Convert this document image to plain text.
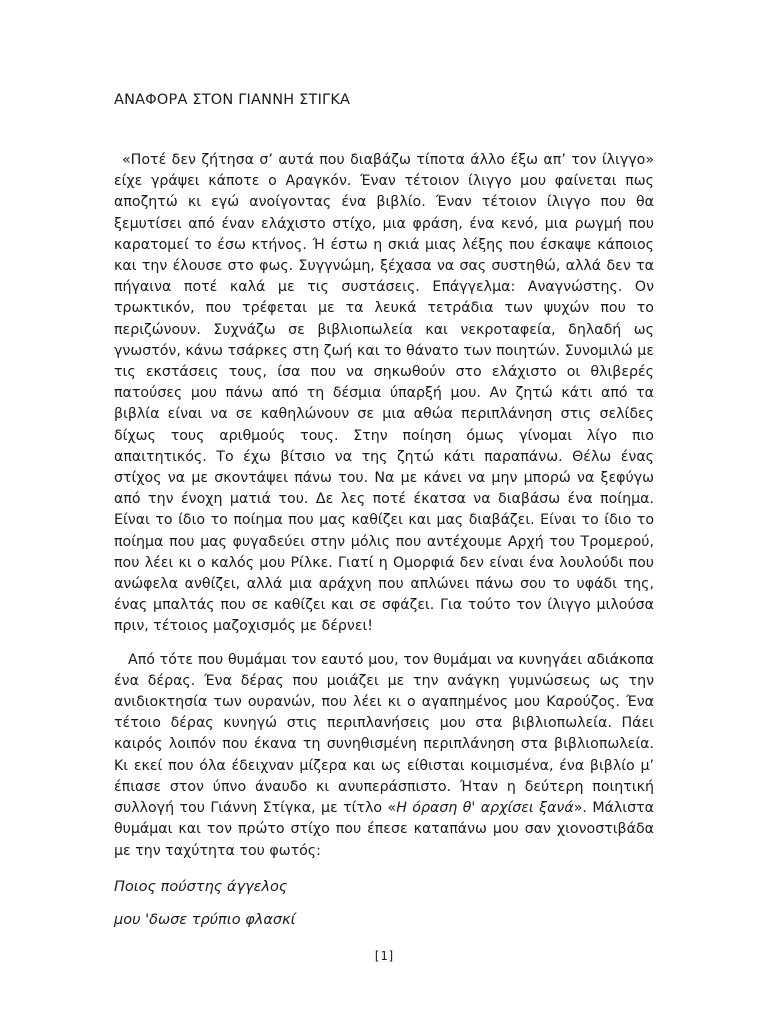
ΑΝΑΦΟΡΑ ΣΤΟΝ ΓΙΑΝΝΗ ΣΤΙΓΚΑ

«Ποτέ δεν ζήτησα σ’ αυτά που διαβάζω τίποτα άλλο έξω απ’ τον ίλιγγο» είχε γράψει κάποτε ο Αραγκόν. Έναν τέτοιον ίλιγγο μου φαίνεται πως αποζητώ κι εγώ ανοίγοντας ένα βιβλίο. Έναν τέτοιον ίλιγγο που θα ξεμυτίσει από έναν ελάχιστο στίχο, μια φράση, ένα κενό, μια ρωγμή που καρατομεί το έσω κτήνος. Ή έστω η σκιά μιας λέξης που έσκαψε κάποιος και την έλουσε στο φως. Συγγνώμη, ξέχασα να σας συστηθώ, αλλά δεν τα πήγαινα ποτέ καλά με τις συστάσεις. Επάγγελμα: Αναγνώστης. Ον τρωκτικόν, που τρέφεται με τα λευκά τετράδια των ψυχών που το περιζώνουν. Συχνάζω σε βιβλιοπωλεία και νεκροταφεία, δηλαδή ως γνωστόν, κάνω τσάρκες στη ζωή και το θάνατο των ποιητών. Συνομιλώ με τις εκστάσεις τους, ίσα που να σηκωθούν στο ελάχιστο οι θλιβερές πατούσες μου πάνω από τη δέσμια ύπαρξή μου. Αν ζητώ κάτι από τα βιβλία είναι να σε καθηλώνουν σε μια αθώα περιπλάνηση στις σελίδες δίχως τους αριθμούς τους. Στην ποίηση όμως γίνομαι λίγο πιο απαιτητικός. Το έχω βίτσιο να της ζητώ κάτι παραπάνω. Θέλω ένας στίχος να με σκοντάψει πάνω του. Να με κάνει να μην μπορώ να ξεφύγω από την ένοχη ματιά του. Δε λες ποτέ έκατσα να διαβάσω ένα ποίημα. Είναι το ίδιο το ποίημα που μας καθίζει και μας διαβάζει. Είναι το ίδιο το ποίημα που μας φυγαδεύει στην μόλις που αντέχουμε Αρχή του Τρομερού, που λέει κι ο καλός μου Ρίλκε. Γιατί η Ομορφιά δεν είναι ένα λουλούδι που ανώφελα ανθίζει, αλλά μια αράχνη που απλώνει πάνω σου το υφάδι της, ένας μπαλτάς που σε καθίζει και σε σφάζει. Για τούτο τον ίλιγγο μιλούσα πριν, τέτοιος μαζοχισμός με δέρνει!

Από τότε που θυμάμαι τον εαυτό μου, τον θυμάμαι να κυνηγάει αδιάκοπα ένα δέρας. Ένα δέρας που μοιάζει με την ανάγκη γυμνώσεως ως την ανιδιοκτησία των ουρανών, που λέει κι ο αγαπημένος μου Καρούζος. Ένα τέτοιο δέρας κυνηγώ στις περιπλανήσεις μου στα βιβλιοπωλεία. Πάει καιρός λοιπόν που έκανα τη συνηθισμένη περιπλάνηση στα βιβλιοπωλεία. Κι εκεί που όλα έδειχναν μίζερα και ως είθισται κοιμισμένα, ένα βιβλίο μ’ έπιασε στον ύπνο άναυδο κι ανυπεράσπιστο. Ήταν η δεύτερη ποιητική συλλογή του Γιάννη Στίγκα, με τίτλο «Η όραση θ' αρχίσει ξανά». Μάλιστα θυμάμαι και τον πρώτο στίχο που έπεσε καταπάνω μου σαν χιονοστιβάδα με την ταχύτητα του φωτός:

Ποιος πούστης άγγελος
μου 'δωσε τρύπιο φλασκί
[1]
